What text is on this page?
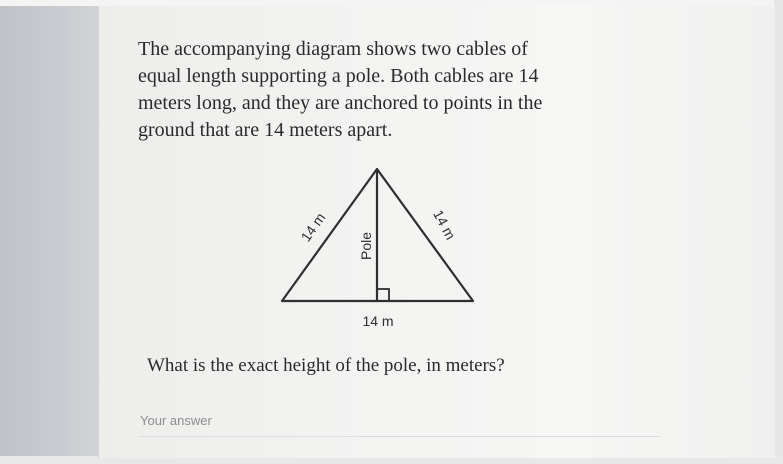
The accompanying diagram shows two cables of
equal length supporting a pole. Both cables are 14
meters long, and they are anchored to points in the
ground that are 14 meters apart.
14 m	14 m
Pole
14 m
What is the exact height of the pole, in meters?
Your answer
